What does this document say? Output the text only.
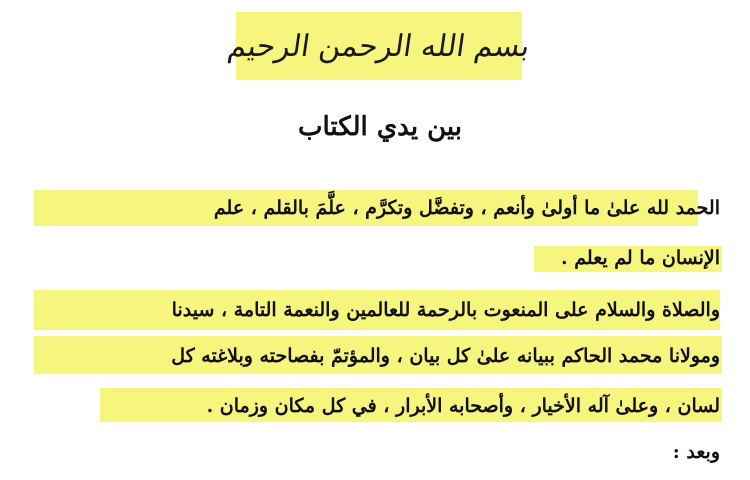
بسم الله الرحمن الرحيم
بين يدي الكتاب
الحمد لله علىٰ ما أولىٰ وأنعم ، وتفضَّل وتكرَّم ، علَّمَ بالقلم ، علم
الإنسان ما لم يعلم .
والصلاة والسلام على المنعوت بالرحمة للعالمين والنعمة التامة ، سيدنا
ومولانا محمد الحاكم ببيانه علىٰ كل بيان ، والمؤتمّ بفصاحته وبلاغته كل
لسان ، وعلىٰ آله الأخيار ، وأصحابه الأبرار ، في كل مكان وزمان .
وبعد :
